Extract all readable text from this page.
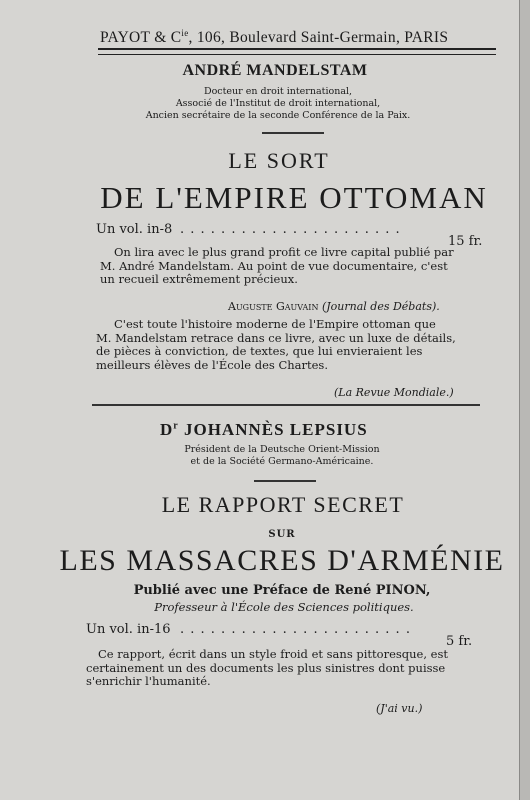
PAYOT & $C^{ie}$, 106, Boulevard Saint-Germain, PARIS
ANDRÉ MANDELSTAM
Docteur en droit international,
Associé de l'Institut de droit international,
Ancien secrétaire de la seconde Conférence de la Paix.
LE SORT
DE L'EMPIRE OTTOMAN
Un vol. in-8 . . . . . . . . . . . . . . . . . . . . . .
15 fr.
On lira avec le plus grand profit ce livre capital publié par
M. André Mandelstam. Au point de vue documentaire, c'est
un recueil extrêmement précieux.
Auguste Gauvain (Journal des Débats).
C'est toute l'histoire moderne de l'Empire ottoman que
M. Mandelstam retrace dans ce livre, avec un luxe de détails,
de pièces à conviction, de textes, que lui envieraient les
meilleurs élèves de l'École des Chartes.
(La Revue Mondiale.)
$D^r$ JOHANNÈS LEPSIUS
Président de la Deutsche Orient-Mission
et de la Société Germano-Américaine.
LE RAPPORT SECRET
SUR
LES MASSACRES D'ARMÉNIE
Publié avec une Préface de René PINON,
Professeur à l'École des Sciences politiques.
Un vol. in-16 . . . . . . . . . . . . . . . . . . . . . . .
5 fr.
Ce rapport, écrit dans un style froid et sans pittoresque, est
certainement un des documents les plus sinistres dont puisse
s'enrichir l'humanité.
(J'ai vu.)
